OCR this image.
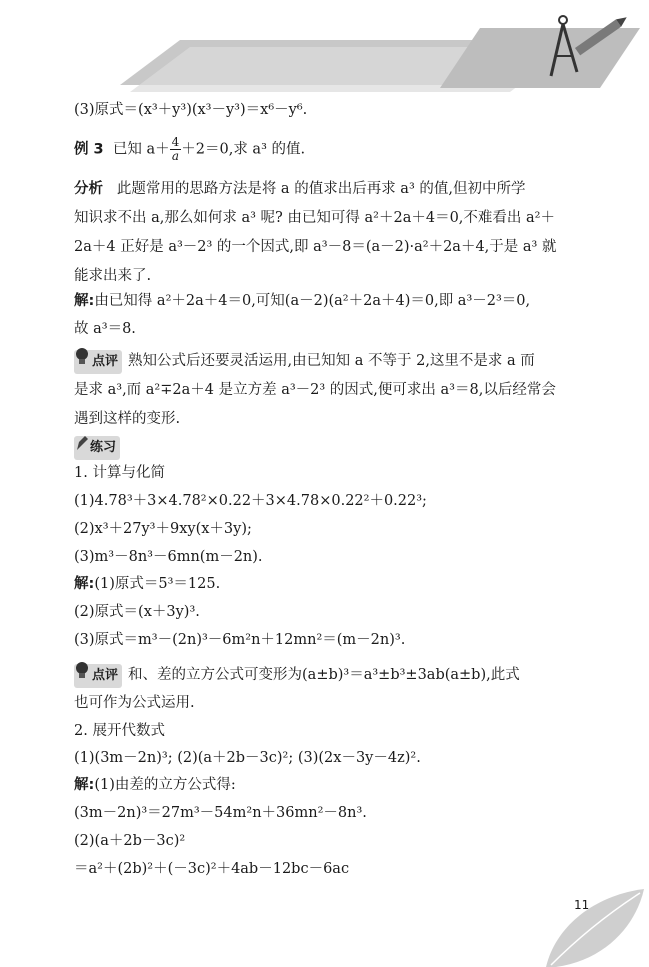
(3)原式＝(x³＋y³)(x³－y³)＝x⁶－y⁶.
例 3 已知 $a+ \frac{4}{a} +2=0$,求 a³ 的值.
分析 此题常用的思路方法是将 a 的值求出后再求 a³ 的值,但初中所学
知识求不出 a,那么如何求 a³ 呢? 由已知可得 a²＋2a＋4＝0,不难看出 a²＋
2a＋4 正好是 a³－2³ 的一个因式,即 a³－8＝(a－2)·a²＋2a＋4,于是 a³ 就
能求出来了.
解:由已知得 a²＋2a＋4＝0,可知(a－2)(a²＋2a＋4)＝0,即 a³－2³＝0,
故 a³＝8.
点评 熟知公式后还要灵活运用,由已知知 a 不等于 2,这里不是求 a 而
是求 a³,而 a²∓2a＋4 是立方差 a³－2³ 的因式,便可求出 a³＝8,以后经常会
遇到这样的变形.
练习
1. 计算与化简
(1)4.78³＋3×4.78²×0.22＋3×4.78×0.22²＋0.22³;
(2)x³＋27y³＋9xy(x＋3y);
(3)m³－8n³－6mn(m－2n).
解:(1)原式＝5³＝125.
(2)原式＝(x＋3y)³.
(3)原式＝m³－(2n)³－6m²n＋12mn²＝(m－2n)³.
点评 和、差的立方公式可变形为(a±b)³＝a³±b³±3ab(a±b),此式
也可作为公式运用.
2. 展开代数式
(1)(3m－2n)³; (2)(a＋2b－3c)²; (3)(2x－3y－4z)².
解:(1)由差的立方公式得:
(3m－2n)³＝27m³－54m²n＋36mn²－8n³.
(2)(a＋2b－3c)²
＝a²＋(2b)²＋(－3c)²＋4ab－12bc－6ac
11
